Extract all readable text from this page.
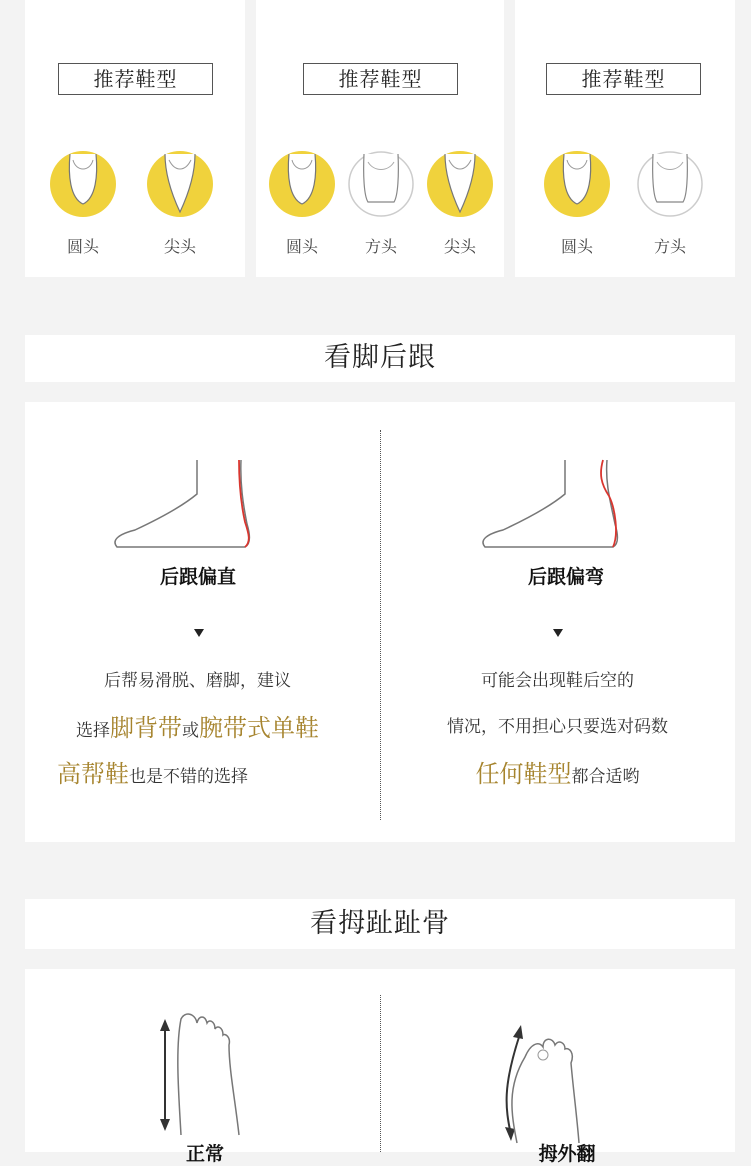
推荐鞋型
圆头	尖头
推荐鞋型
圆头	方头	尖头
推荐鞋型
圆头	方头
看脚后跟
后跟偏直
后帮易滑脱、磨脚，建议
选择脚背带或腕带式单鞋
高帮鞋也是不错的选择
后跟偏弯
可能会出现鞋后空的
情况，不用担心只要选对码数
任何鞋型都合适哟
看拇趾趾骨
正常	拇外翻
